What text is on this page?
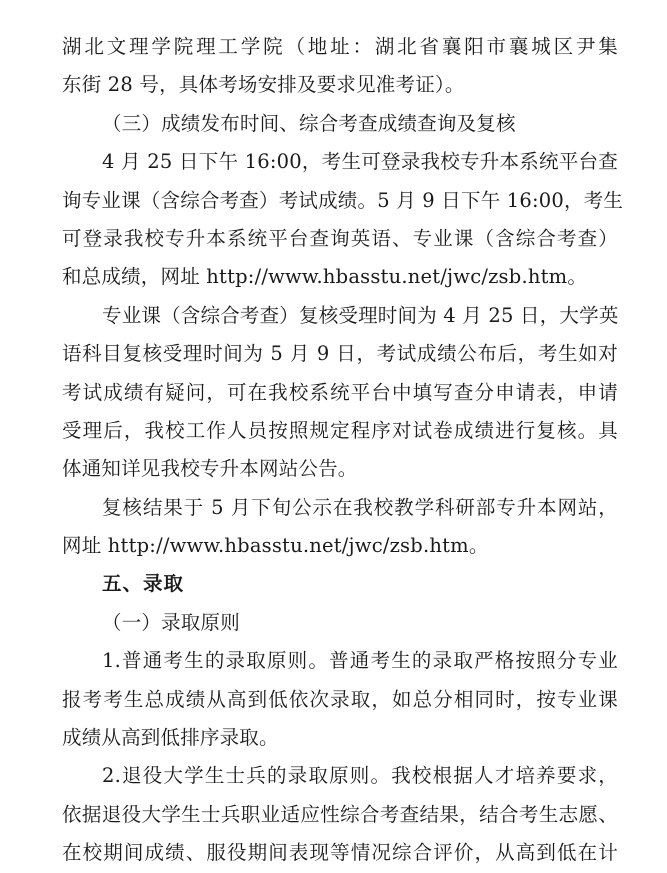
湖北文理学院理工学院（地址：湖北省襄阳市襄城区尹集
东街 28 号，具体考场安排及要求见准考证）。
（三）成绩发布时间、综合考查成绩查询及复核
4 月 25 日下午 16:00，考生可登录我校专升本系统平台查
询专业课（含综合考查）考试成绩。5 月 9 日下午 16:00，考生
可登录我校专升本系统平台查询英语、专业课（含综合考查）
和总成绩，网址 http://www.hbasstu.net/jwc/zsb.htm。
专业课（含综合考查）复核受理时间为 4 月 25 日，大学英
语科目复核受理时间为 5 月 9 日，考试成绩公布后，考生如对
考试成绩有疑问，可在我校系统平台中填写查分申请表，申请
受理后，我校工作人员按照规定程序对试卷成绩进行复核。具
体通知详见我校专升本网站公告。
复核结果于 5 月下旬公示在我校教学科研部专升本网站，
网址 http://www.hbasstu.net/jwc/zsb.htm。
五、录取
（一）录取原则
1.普通考生的录取原则。普通考生的录取严格按照分专业
报考考生总成绩从高到低依次录取，如总分相同时，按专业课
成绩从高到低排序录取。
2.退役大学生士兵的录取原则。我校根据人才培养要求，
依据退役大学生士兵职业适应性综合考查结果，结合考生志愿、
在校期间成绩、服役期间表现等情况综合评价，从高到低在计
